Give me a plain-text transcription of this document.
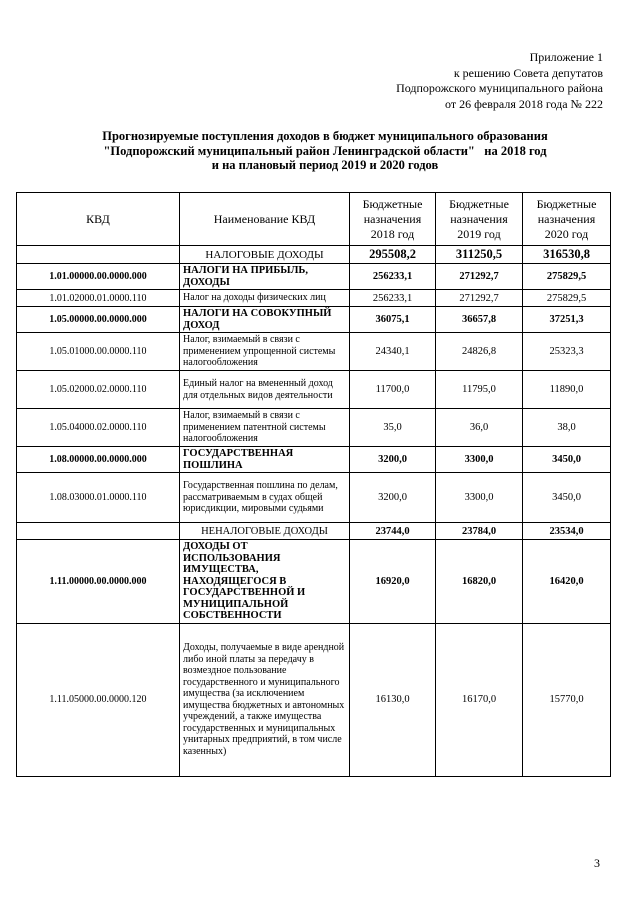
Приложение 1
к решению Совета депутатов
Подпорожского муниципального района
от 26 февраля 2018 года № 222
Прогнозируемые поступления доходов в бюджет муниципального образования
"Подпорожский муниципальный район Ленинградской области"   на 2018 год
и на плановый период 2019 и 2020 годов
КВД	Наименование КВД	Бюджетные назначения 2018 год	Бюджетные назначения 2019 год	Бюджетные назначения 2020 год
	НАЛОГОВЫЕ ДОХОДЫ	295508,2	311250,5	316530,8
1.01.00000.00.0000.000	НАЛОГИ НА ПРИБЫЛЬ, ДОХОДЫ	256233,1	271292,7	275829,5
1.01.02000.01.0000.110	Налог на доходы физических лиц	256233,1	271292,7	275829,5
1.05.00000.00.0000.000	НАЛОГИ НА СОВОКУПНЫЙ ДОХОД	36075,1	36657,8	37251,3
1.05.01000.00.0000.110	Налог, взимаемый в связи с применением упрощенной системы налогообложения	24340,1	24826,8	25323,3
1.05.02000.02.0000.110	Единый налог на вмененный доход для отдельных видов деятельности	11700,0	11795,0	11890,0
1.05.04000.02.0000.110	Налог, взимаемый в связи с применением патентной системы налогообложения	35,0	36,0	38,0
1.08.00000.00.0000.000	ГОСУДАРСТВЕННАЯ ПОШЛИНА	3200,0	3300,0	3450,0
1.08.03000.01.0000.110	Государственная пошлина по делам, рассматриваемым в судах общей юрисдикции, мировыми судьями	3200,0	3300,0	3450,0
	НЕНАЛОГОВЫЕ ДОХОДЫ	23744,0	23784,0	23534,0
1.11.00000.00.0000.000	ДОХОДЫ ОТ ИСПОЛЬЗОВАНИЯ ИМУЩЕСТВА, НАХОДЯЩЕГОСЯ В ГОСУДАРСТВЕННОЙ И МУНИЦИПАЛЬНОЙ СОБСТВЕННОСТИ	16920,0	16820,0	16420,0
1.11.05000.00.0000.120	Доходы, получаемые в виде арендной либо иной платы за передачу в возмездное пользование государственного и муниципального имущества (за исключением имущества бюджетных и автономных учреждений, а также имущества государственных и муниципальных унитарных предприятий, в том числе казенных)	16130,0	16170,0	15770,0
3
